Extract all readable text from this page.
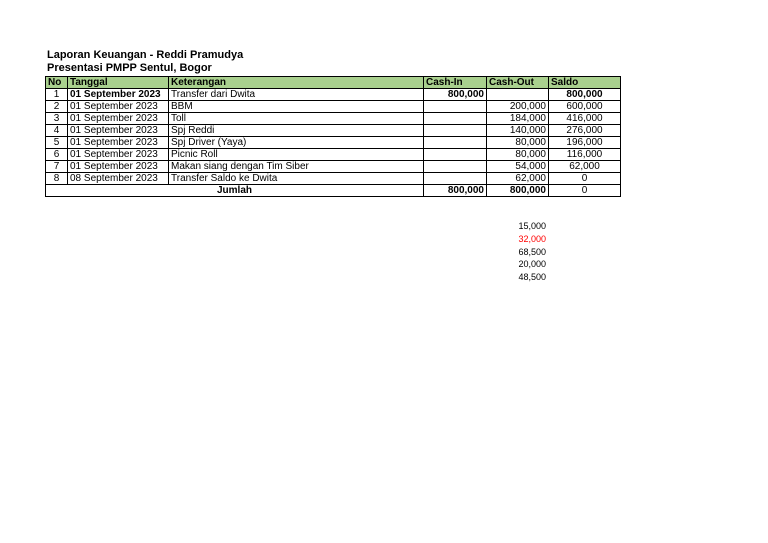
Laporan Keuangan - Reddi Pramudya
Presentasi PMPP Sentul, Bogor
No	Tanggal	Keterangan	Cash-In	Cash-Out	Saldo
1	01 September 2023	Transfer dari Dwita	800,000		800,000
2	01 September 2023	BBM		200,000	600,000
3	01 September 2023	Toll		184,000	416,000
4	01 September 2023	Spj Reddi		140,000	276,000
5	01 September 2023	Spj Driver (Yaya)		80,000	196,000
6	01 September 2023	Picnic Roll		80,000	116,000
7	01 September 2023	Makan siang dengan Tim Siber		54,000	62,000
8	08 September 2023	Transfer Saldo ke Dwita		62,000	0
Jumlah			800,000	800,000	0
15,000
32,000
68,500
20,000
48,500
